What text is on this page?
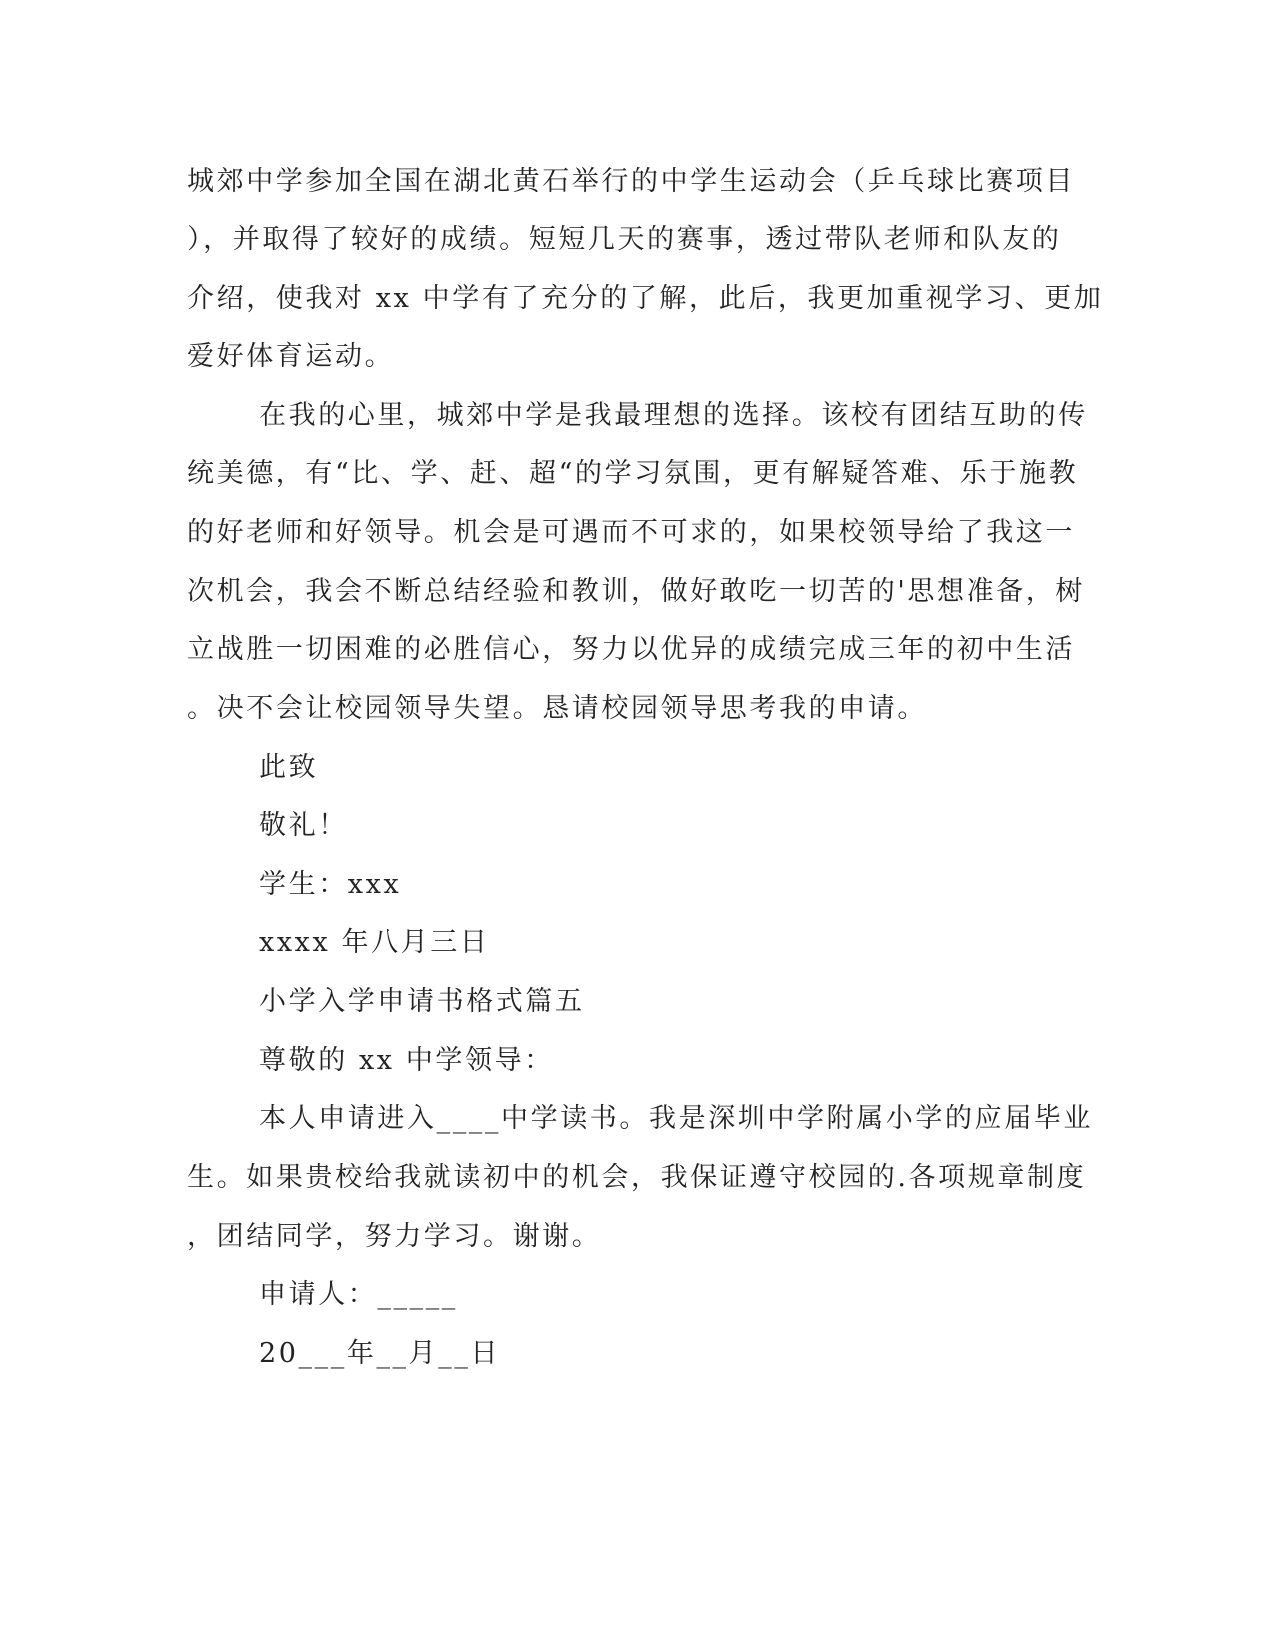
城郊中学参加全国在湖北黄石举行的中学生运动会（乒乓球比赛项目
），并取得了较好的成绩。短短几天的赛事，透过带队老师和队友的
介绍，使我对 xx 中学有了充分的了解，此后，我更加重视学习、更加
爱好体育运动。
在我的心里，城郊中学是我最理想的选择。该校有团结互助的传
统美德，有“比、学、赶、超“的学习氛围，更有解疑答难、乐于施教
的好老师和好领导。机会是可遇而不可求的，如果校领导给了我这一
次机会，我会不断总结经验和教训，做好敢吃一切苦的'思想准备，树
立战胜一切困难的必胜信心，努力以优异的成绩完成三年的初中生活
。决不会让校园领导失望。恳请校园领导思考我的申请。
此致
敬礼！
学生：xxx
xxxx 年八月三日
小学入学申请书格式篇五
尊敬的 xx 中学领导：
本人申请进入____中学读书。我是深圳中学附属小学的应届毕业
生。如果贵校给我就读初中的机会，我保证遵守校园的.各项规章制度
，团结同学，努力学习。谢谢。
申请人：_____
20___年__月__日
